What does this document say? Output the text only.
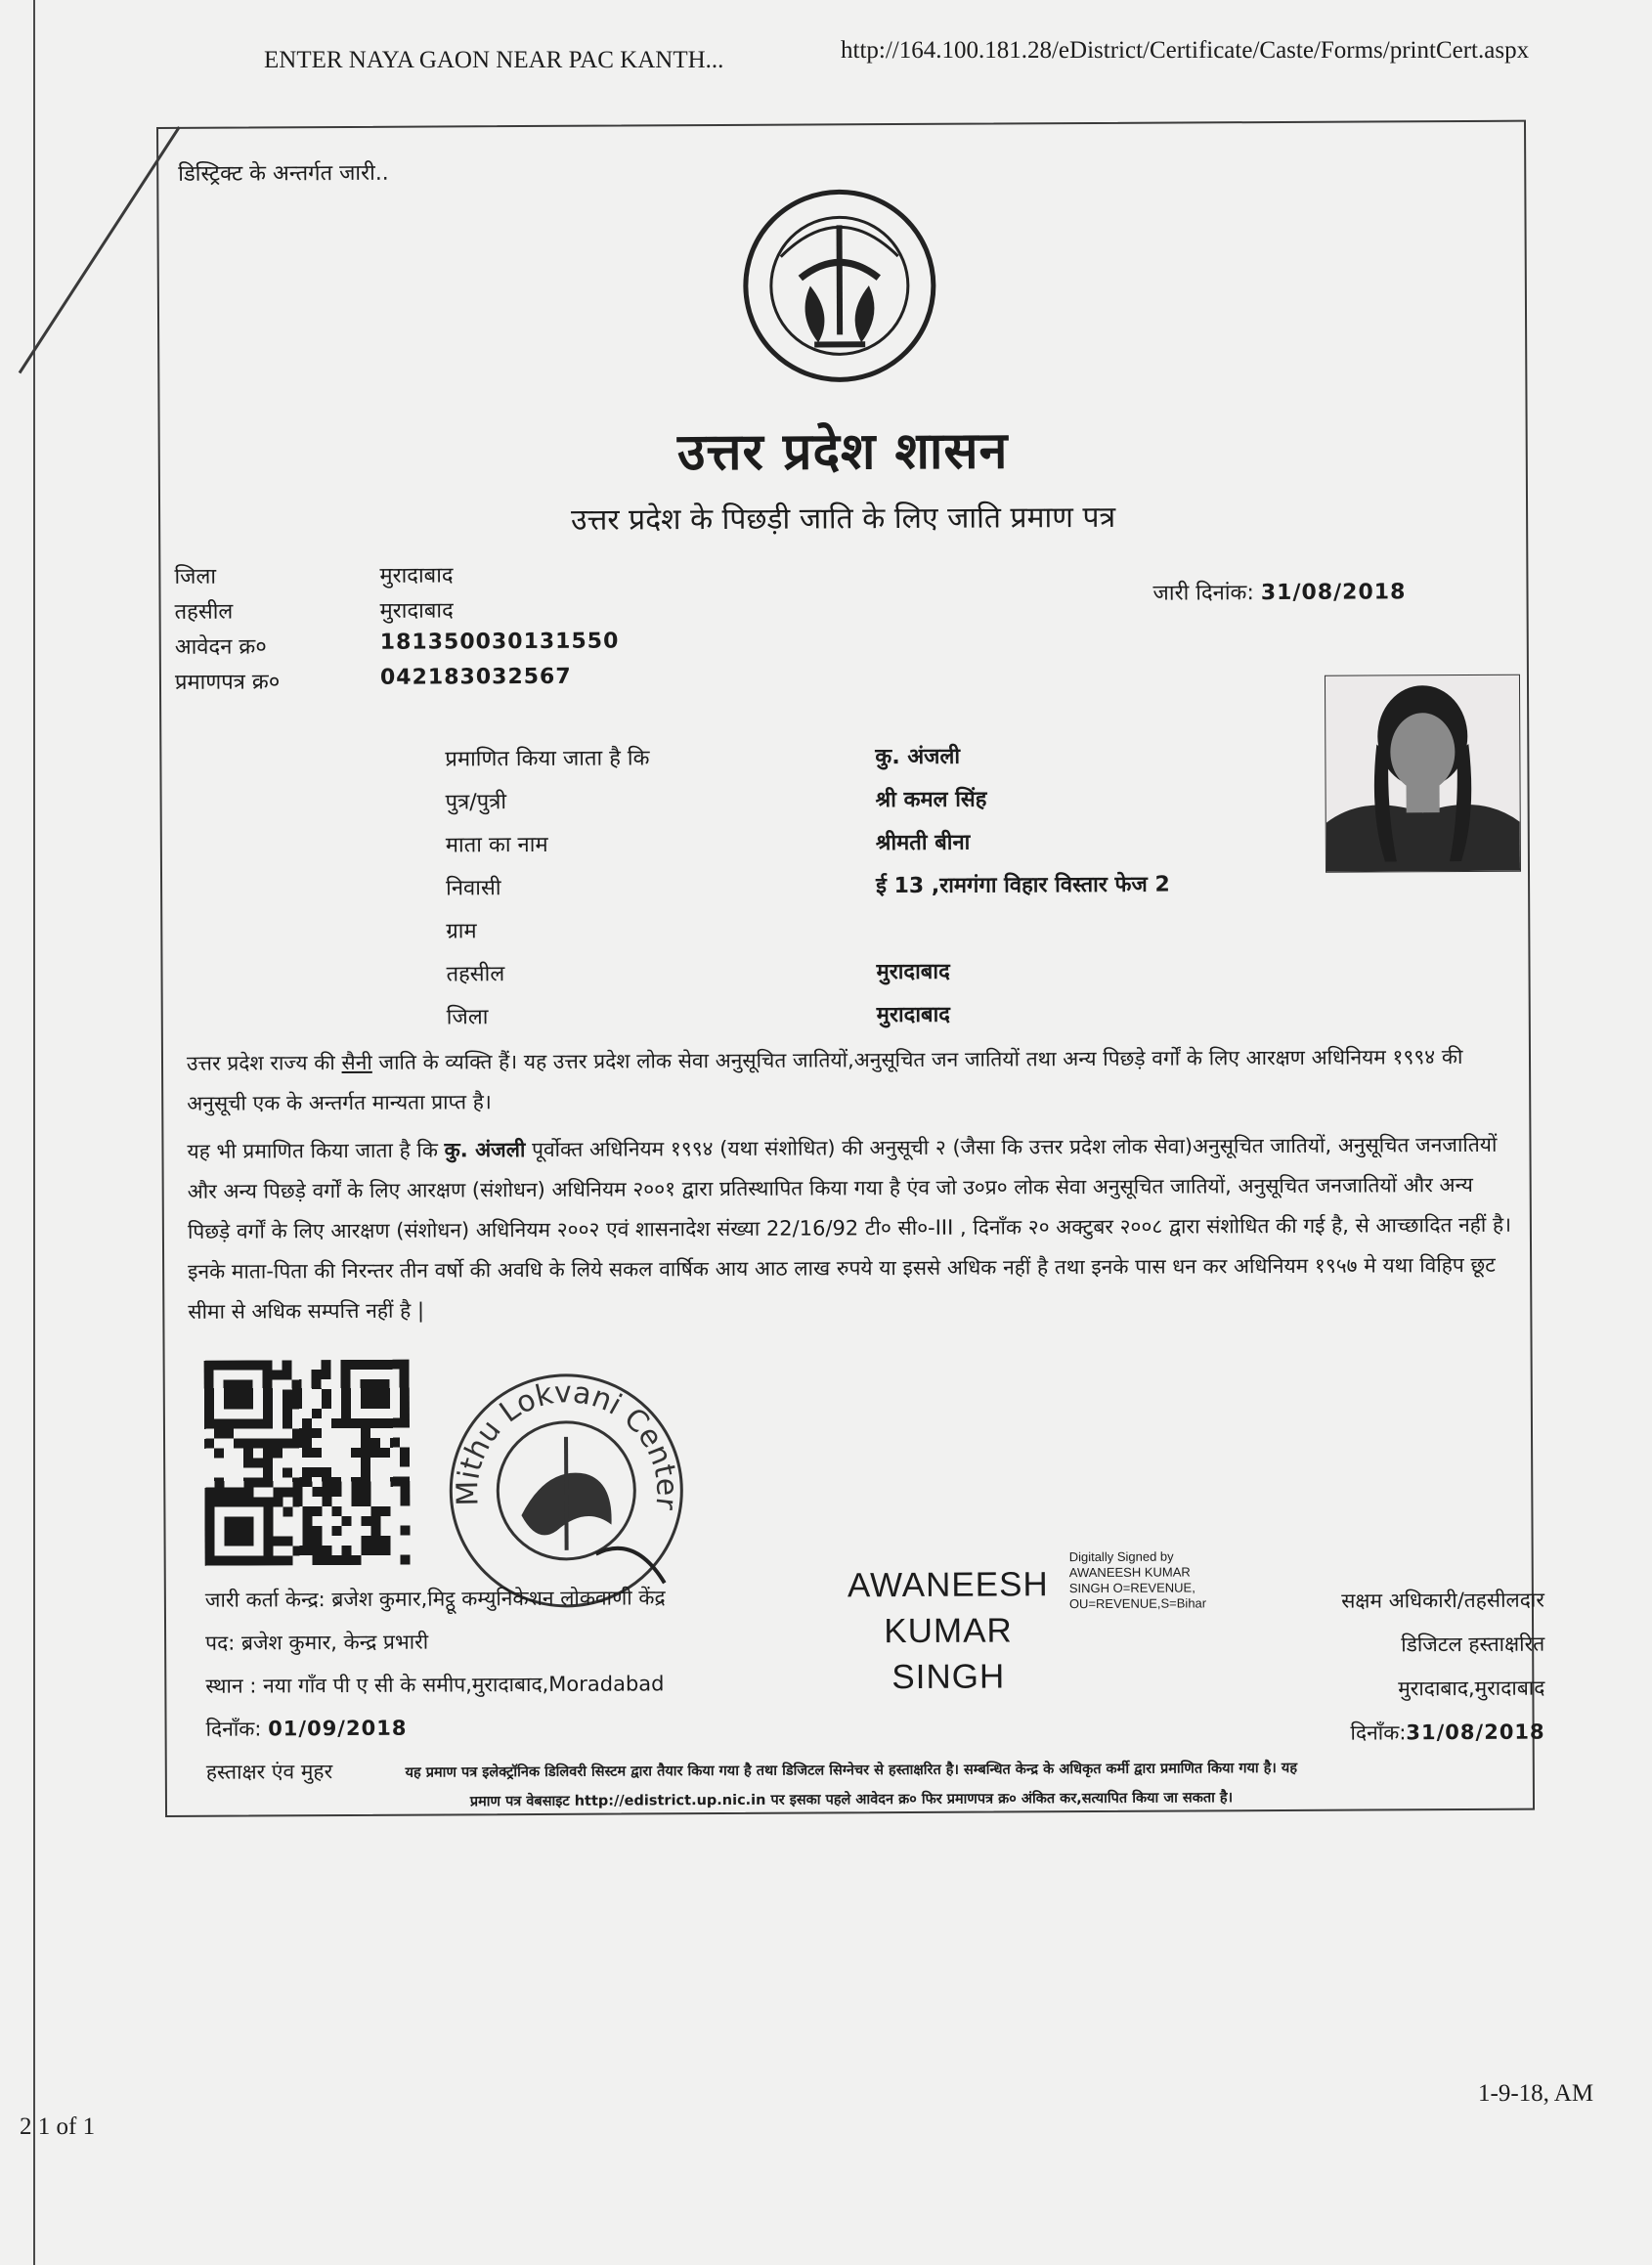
ENTER NAYA GAON NEAR PAC KANTH...	http://164.100.181.28/eDistrict/Certificate/Caste/Forms/printCert.aspx
डिस्ट्रिक्ट के अन्तर्गत जारी..
उत्तर प्रदेश शासन
उत्तर प्रदेश के पिछड़ी जाति के लिए जाति प्रमाण पत्र
जिला	मुरादाबाद
तहसील	मुरादाबाद
आवेदन क्र०	181350030131550
प्रमाणपत्र क्र०	042183032567
जारी दिनांक: 31/08/2018
प्रमाणित किया जाता है कि	कु. अंजली
पुत्र/पुत्री	श्री कमल सिंह
माता का नाम	श्रीमती बीना
निवासी	ई 13 ,रामगंगा विहार विस्तार फेज 2
ग्राम
तहसील	मुरादाबाद
जिला	मुरादाबाद
उत्तर प्रदेश राज्य की सैनी जाति के व्यक्ति हैं। यह उत्तर प्रदेश लोक सेवा अनुसूचित जातियों,अनुसूचित जन जातियों तथा अन्य पिछड़े वर्गों के लिए आरक्षण अधिनियम १९९४ की अनुसूची एक के अन्तर्गत मान्यता प्राप्त है।
यह भी प्रमाणित किया जाता है कि कु. अंजली पूर्वोक्त अधिनियम १९९४ (यथा संशोधित) की अनुसूची २ (जैसा कि उत्तर प्रदेश लोक सेवा)अनुसूचित जातियों, अनुसूचित जनजातियों और अन्य पिछड़े वर्गों के लिए आरक्षण (संशोधन) अधिनियम २००१ द्वारा प्रतिस्थापित किया गया है एंव जो उ०प्र० लोक सेवा अनुसूचित जातियों, अनुसूचित जनजातियों और अन्य पिछड़े वर्गों के लिए आरक्षण (संशोधन) अधिनियम २००२ एवं शासनादेश संख्या 22/16/92 टी० सी०-III , दिनाँक २० अक्टुबर २००८ द्वारा संशोधित की गई है, से आच्छादित नहीं है।इनके माता-पिता की निरन्तर तीन वर्षो की अवधि के लिये सकल वार्षिक आय आठ लाख रुपये या इससे अधिक नहीं है तथा इनके पास धन कर अधिनियम १९५७ मे यथा विहिप छूट सीमा से अधिक सम्पत्ति नहीं है |
Mithu Lokvani Center
जारी कर्ता केन्द्र: ब्रजेश कुमार,मिट्ठू कम्युनिकेशन लोकवाणी केंद्र
पद: ब्रजेश कुमार, केन्द्र प्रभारी
स्थान : नया गाँव पी ए सी के समीप,मुरादाबाद,Moradabad
दिनाँक: 01/09/2018
हस्ताक्षर एंव मुहर
AWANEESH
KUMAR
SINGH
Digitally Signed by
AWANEESH KUMAR
SINGH O=REVENUE,
OU=REVENUE,S=Bihar	सक्षम अधिकारी/तहसीलदार
डिजिटल हस्ताक्षरित
मुरादाबाद,मुरादाबाद
दिनाँक:31/08/2018
यह प्रमाण पत्र इलेक्ट्रॉनिक डिलिवरी सिस्टम द्वारा तैयार किया गया है तथा डिजिटल सिग्नेचर से हस्ताक्षरित है। सम्बन्धित केन्द्र के अधिकृत कर्मी द्वारा प्रमाणित किया गया है। यह
प्रमाण पत्र वेबसाइट http://edistrict.up.nic.in पर इसका पहले आवेदन क्र० फिर प्रमाणपत्र क्र० अंकित कर,सत्यापित किया जा सकता है।
2 1 of 1
1-9-18, AM
